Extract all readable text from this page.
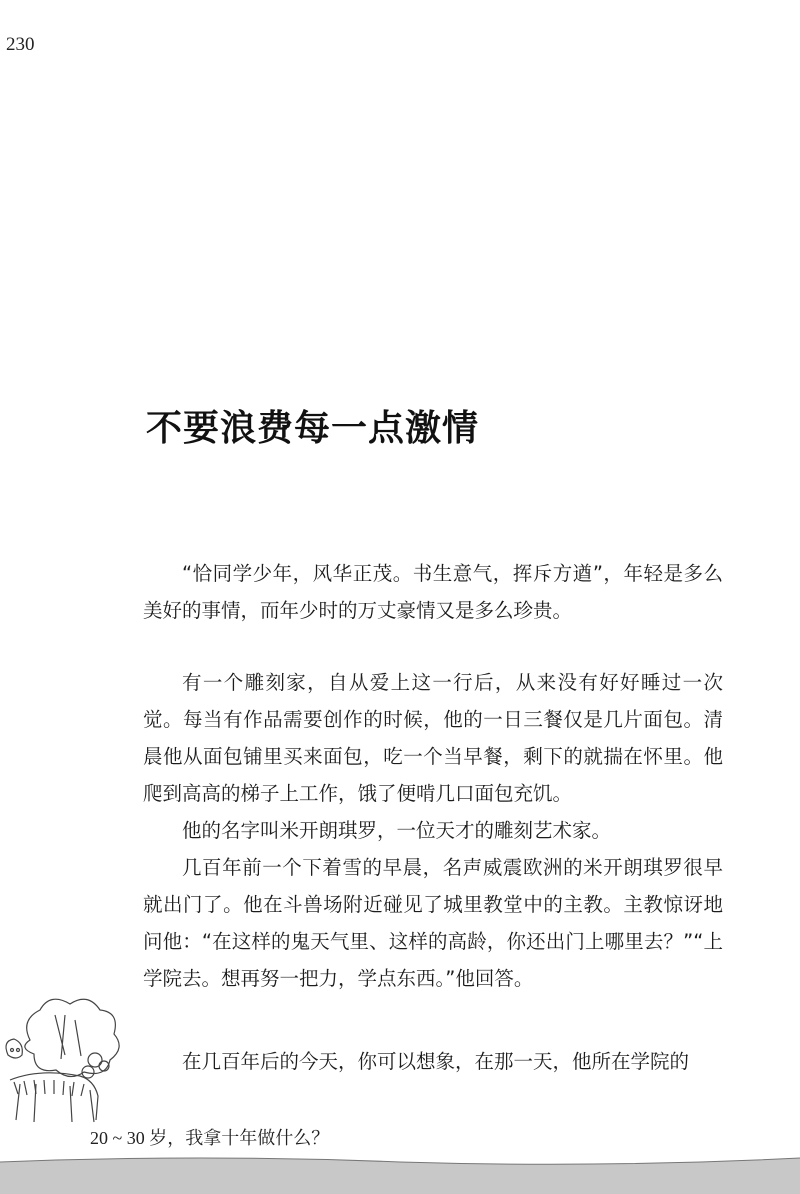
230
不要浪费每一点激情

“恰同学少年，风华正茂。书生意气，挥斥方遒”，年轻是多么美好的事情，而年少时的万丈豪情又是多么珍贵。

有一个雕刻家，自从爱上这一行后，从来没有好好睡过一次觉。每当有作品需要创作的时候，他的一日三餐仅是几片面包。清晨他从面包铺里买来面包，吃一个当早餐，剩下的就揣在怀里。他爬到高高的梯子上工作，饿了便啃几口面包充饥。

他的名字叫米开朗琪罗，一位天才的雕刻艺术家。

几百年前一个下着雪的早晨，名声威震欧洲的米开朗琪罗很早就出门了。他在斗兽场附近碰见了城里教堂中的主教。主教惊讶地问他：“在这样的鬼天气里、这样的高龄，你还出门上哪里去？”“上学院去。想再努一把力，学点东西。”他回答。

在几百年后的今天，你可以想象，在那一天，他所在学院的

20 ~ 30 岁，我拿十年做什么？
